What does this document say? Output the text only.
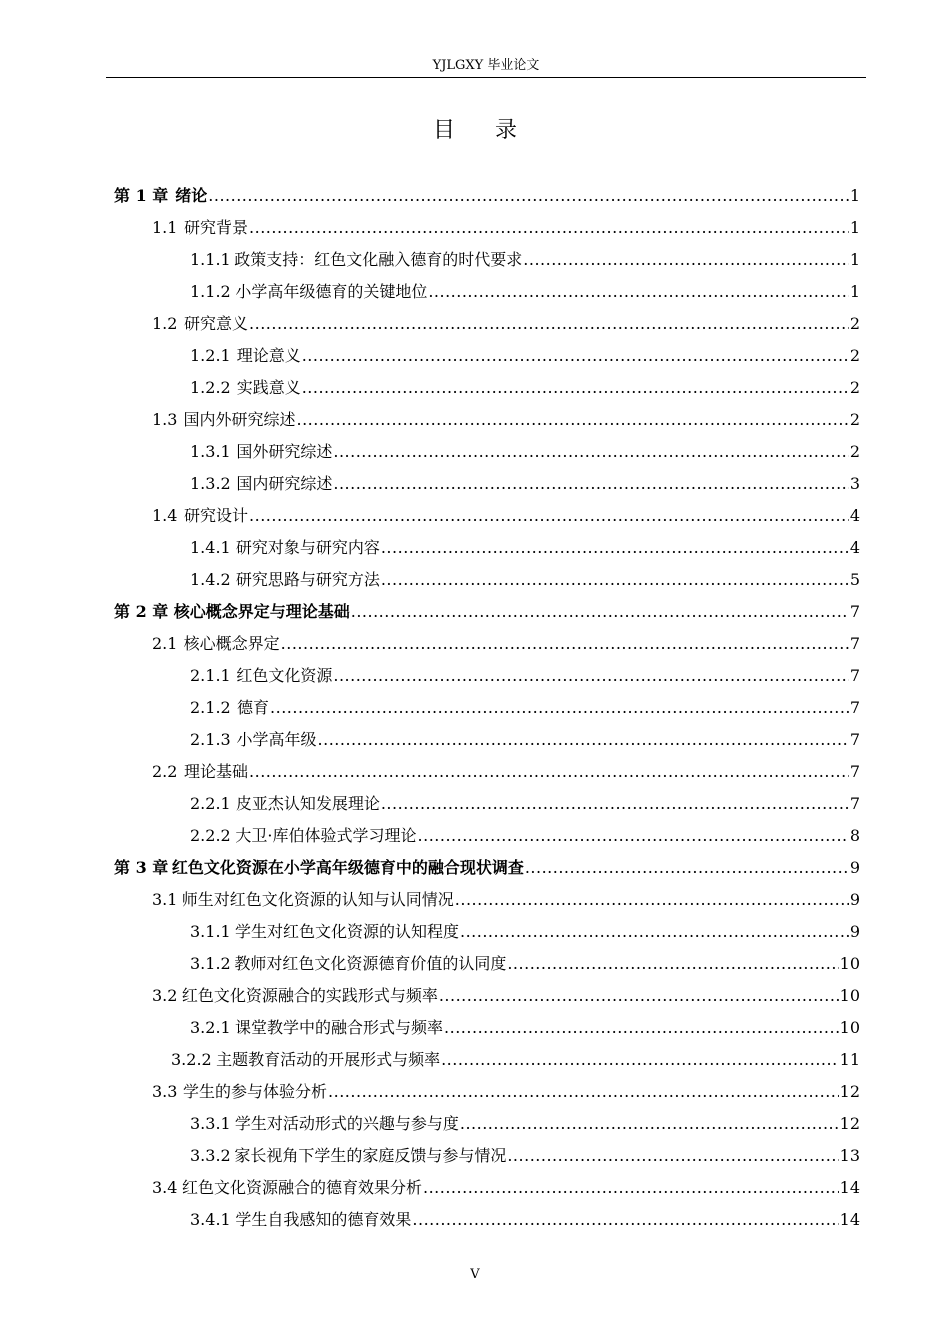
YJLGXY 毕业论文
目录
第 1 章 绪论 .....	1
1.1 研究背景 .....	1
1.1.1 政策支持：红色文化融入德育的时代要求 .....	1
1.1.2 小学高年级德育的关键地位 .....	1
1.2 研究意义 .....	2
1.2.1 理论意义 .....	2
1.2.2 实践意义 .....	2
1.3 国内外研究综述 .....	2
1.3.1 国外研究综述 .....	2
1.3.2 国内研究综述 .....	3
1.4 研究设计 .....	4
1.4.1 研究对象与研究内容 .....	4
1.4.2 研究思路与研究方法 .....	5
第 2 章 核心概念界定与理论基础 .....	7
2.1 核心概念界定 .....	7
2.1.1 红色文化资源 .....	7
2.1.2 德育 .....	7
2.1.3 小学高年级 .....	7
2.2 理论基础 .....	7
2.2.1 皮亚杰认知发展理论 .....	7
2.2.2 大卫·库伯体验式学习理论 .....	8
第 3 章 红色文化资源在小学高年级德育中的融合现状调查 .....	9
3.1 师生对红色文化资源的认知与认同情况 .....	9
3.1.1 学生对红色文化资源的认知程度 .....	9
3.1.2 教师对红色文化资源德育价值的认同度 .....	10
3.2 红色文化资源融合的实践形式与频率 .....	10
3.2.1 课堂教学中的融合形式与频率 .....	10
3.2.2 主题教育活动的开展形式与频率 .....	11
3.3 学生的参与体验分析 .....	12
3.3.1 学生对活动形式的兴趣与参与度 .....	12
3.3.2 家长视角下学生的家庭反馈与参与情况 .....	13
3.4 红色文化资源融合的德育效果分析 .....	14
3.4.1 学生自我感知的德育效果 .....	14
V
